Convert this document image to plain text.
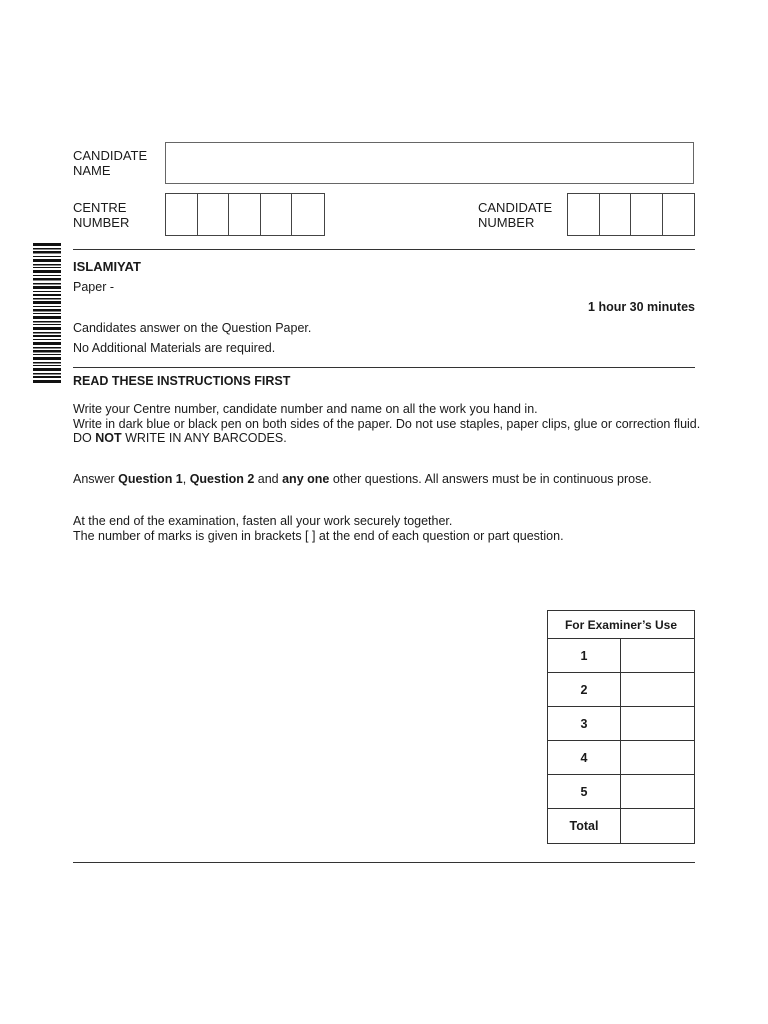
CANDIDATE
NAME
CENTRE
NUMBER
CANDIDATE
NUMBER
ISLAMIYAT
Paper -
1 hour 30 minutes
Candidates answer on the Question Paper.
No Additional Materials are required.
READ THESE INSTRUCTIONS FIRST
Write your Centre number, candidate number and name on all the work you hand in. Write in dark blue or black pen on both sides of the paper. Do not use staples, paper clips, glue or correction fluid. DO NOT WRITE IN ANY BARCODES.
Answer Question 1, Question 2 and any one other questions. All answers must be in continuous prose.
At the end of the examination, fasten all your work securely together. The number of marks is given in brackets [ ] at the end of each question or part question.
For Examiner’s Use
1
2
3
4
5
Total
